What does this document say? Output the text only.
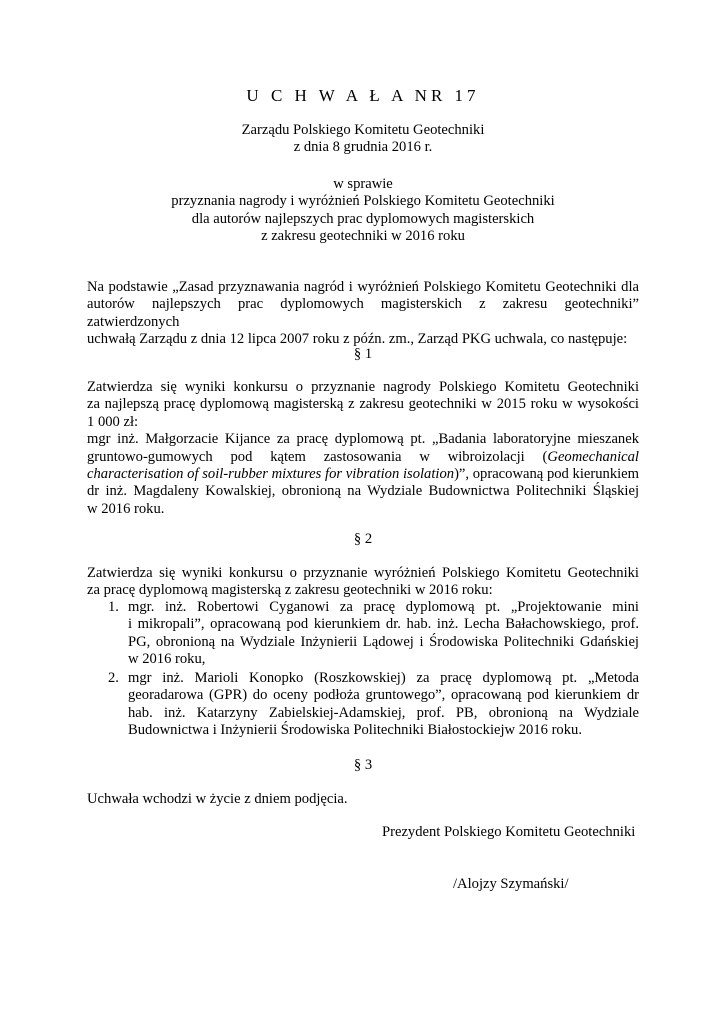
U C H W A Ł A NR 17
Zarządu Polskiego Komitetu Geotechniki
z dnia 8 grudnia 2016 r.
w sprawie
przyznania nagrody i wyróżnień Polskiego Komitetu Geotechniki
dla autorów najlepszych prac dyplomowych magisterskich
z zakresu geotechniki w 2016 roku
Na podstawie „Zasad przyznawania nagród i wyróżnień Polskiego Komitetu Geotechniki dla
autorów najlepszych prac dyplomowych magisterskich z zakresu geotechniki” zatwierdzonych
uchwałą Zarządu z dnia 12 lipca 2007 roku z późn. zm., Zarząd PKG uchwala, co następuje:
§ 1
Zatwierdza się wyniki konkursu o przyznanie nagrody Polskiego Komitetu Geotechniki
za najlepszą pracę dyplomową magisterską z zakresu geotechniki w 2015 roku w wysokości
1 000 zł:
mgr inż. Małgorzacie Kijance za pracę dyplomową pt. „Badania laboratoryjne mieszanek
gruntowo-gumowych pod kątem zastosowania w wibroizolacji (Geomechanical
characterisation of soil-rubber mixtures for vibration isolation)”, opracowaną pod kierunkiem
dr inż. Magdaleny Kowalskiej, obronioną na Wydziale Budownictwa Politechniki Śląskiej
w 2016 roku.
§ 2
Zatwierdza się wyniki konkursu o przyznanie wyróżnień Polskiego Komitetu Geotechniki
za pracę dyplomową magisterską z zakresu geotechniki w 2016 roku:
1. mgr. inż. Robertowi Cyganowi za pracę dyplomową pt. „Projektowanie mini
i mikropali”, opracowaną pod kierunkiem dr. hab. inż. Lecha Bałachowskiego, prof.
PG, obronioną na Wydziale Inżynierii Lądowej i Środowiska Politechniki Gdańskiej
w 2016 roku,
2. mgr inż. Marioli Konopko (Roszkowskiej) za pracę dyplomową pt. „Metoda
georadarowa (GPR) do oceny podłoża gruntowego”, opracowaną pod kierunkiem dr
hab. inż. Katarzyny Zabielskiej-Adamskiej, prof. PB, obronioną na Wydziale
Budownictwa i Inżynierii Środowiska Politechniki Białostockiejw 2016 roku.
§ 3
Uchwała wchodzi w życie z dniem podjęcia.
Prezydent Polskiego Komitetu Geotechniki
/Alojzy Szymański/
